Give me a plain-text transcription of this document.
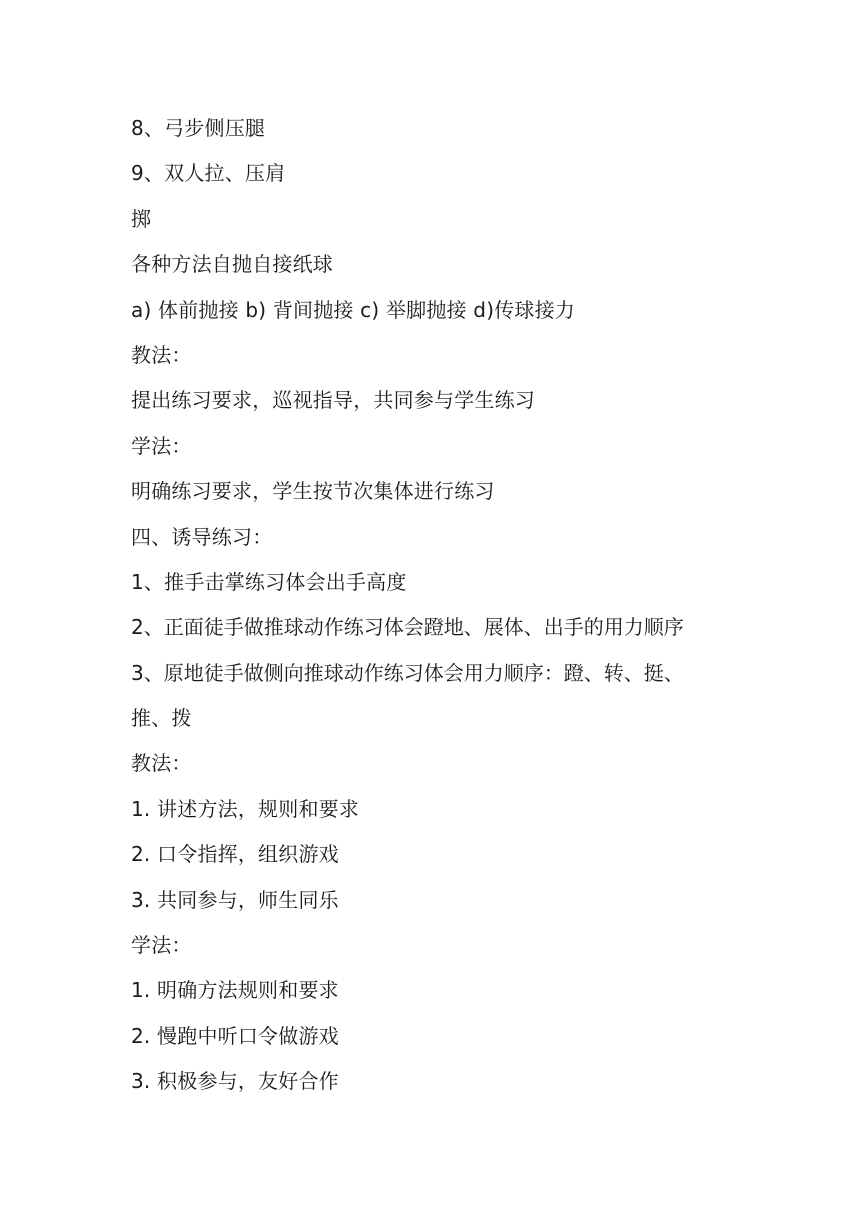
8、弓步侧压腿
9、双人拉、压肩
掷
各种方法自抛自接纸球
a) 体前抛接 b) 背间抛接 c) 举脚抛接 d)传球接力
教法：
提出练习要求，巡视指导，共同参与学生练习
学法：
明确练习要求，学生按节次集体进行练习
四、诱导练习：
1、推手击掌练习体会出手高度
2、正面徒手做推球动作练习体会蹬地、展体、出手的用力顺序
3、原地徒手做侧向推球动作练习体会用力顺序：蹬、转、挺、
推、拨
教法：
1. 讲述方法，规则和要求
2. 口令指挥，组织游戏
3. 共同参与，师生同乐
学法：
1. 明确方法规则和要求
2. 慢跑中听口令做游戏
3. 积极参与，友好合作
